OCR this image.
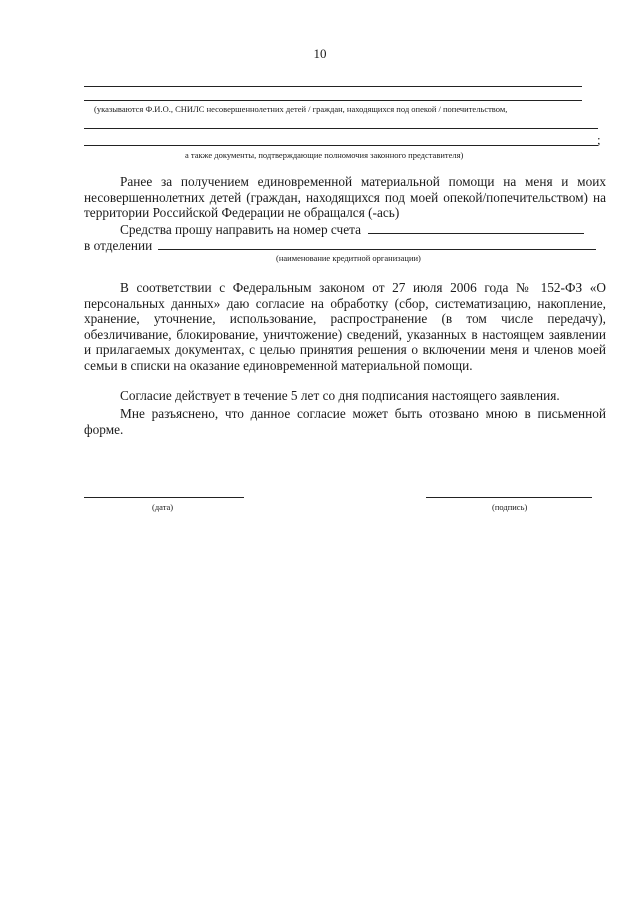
10
(указываются Ф.И.О., СНИЛС несовершеннолетних детей / граждан, находящихся под опекой / попечительством,
;
а также документы, подтверждающие полномочия законного представителя)

Ранее за получением единовременной материальной помощи на меня и моих несовершеннолетних детей (граждан, находящихся под моей опекой/попечительством) на территории Российской Федерации не обращался (-ась)

Средства прошу направить на номер счета
в отделении
(наименование кредитной организации)

В соответствии с Федеральным законом от 27 июля 2006 года № 152-ФЗ «О персональных данных» даю согласие на обработку (сбор, систематизацию, накопление, хранение, уточнение, использование, распространение (в том числе передачу), обезличивание, блокирование, уничтожение) сведений, указанных в настоящем заявлении и прилагаемых документах, с целью принятия решения о включении меня и членов моей семьи в списки на оказание единовременной материальной помощи.

Согласие действует в течение 5 лет со дня подписания настоящего заявления.

Мне разъяснено, что данное согласие может быть отозвано мною в письменной форме.

(дата)	(подпись)
